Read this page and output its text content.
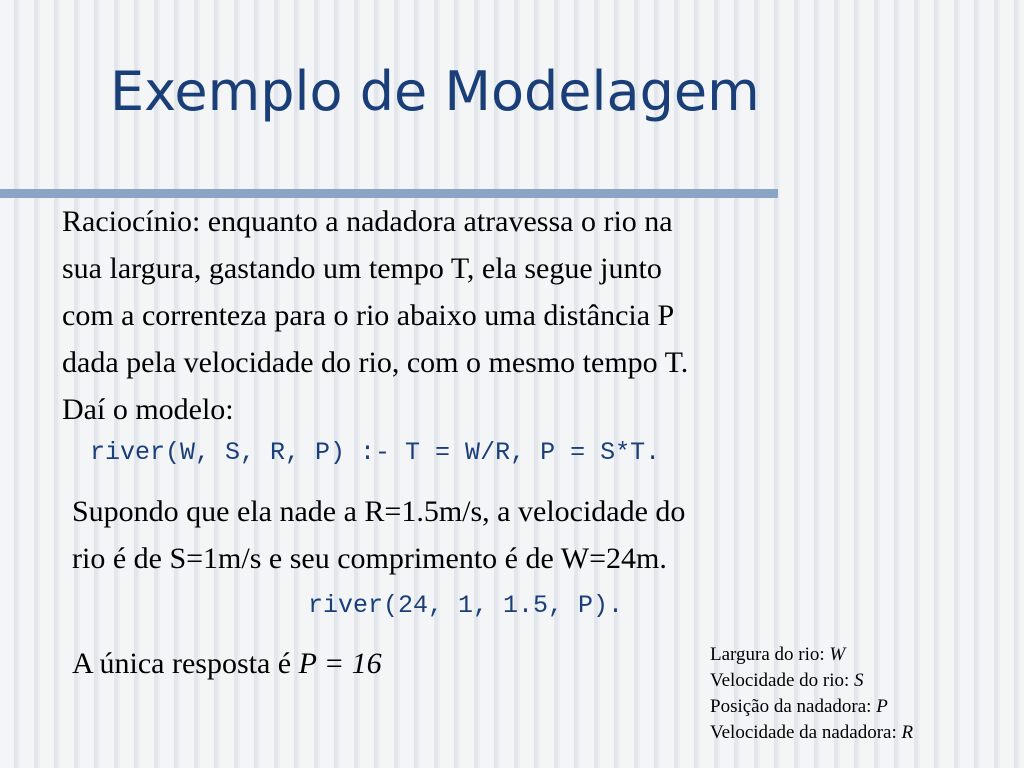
Exemplo de Modelagem
Raciocínio: enquanto a nadadora atravessa o rio na
sua largura, gastando um tempo T, ela segue junto
com a correnteza para o rio abaixo uma distância P
dada pela velocidade do rio, com o mesmo tempo T.
Daí o modelo:
river(W, S, R, P) :- T = W/R, P = S*T.
Supondo que ela nade a R=1.5m/s, a velocidade do
rio é de S=1m/s e seu comprimento é de W=24m.
river(24, 1, 1.5, P).
A única resposta é P = 16	Largura do rio: W
Velocidade do rio: S
Posição da nadadora: P
Velocidade da nadadora: R
